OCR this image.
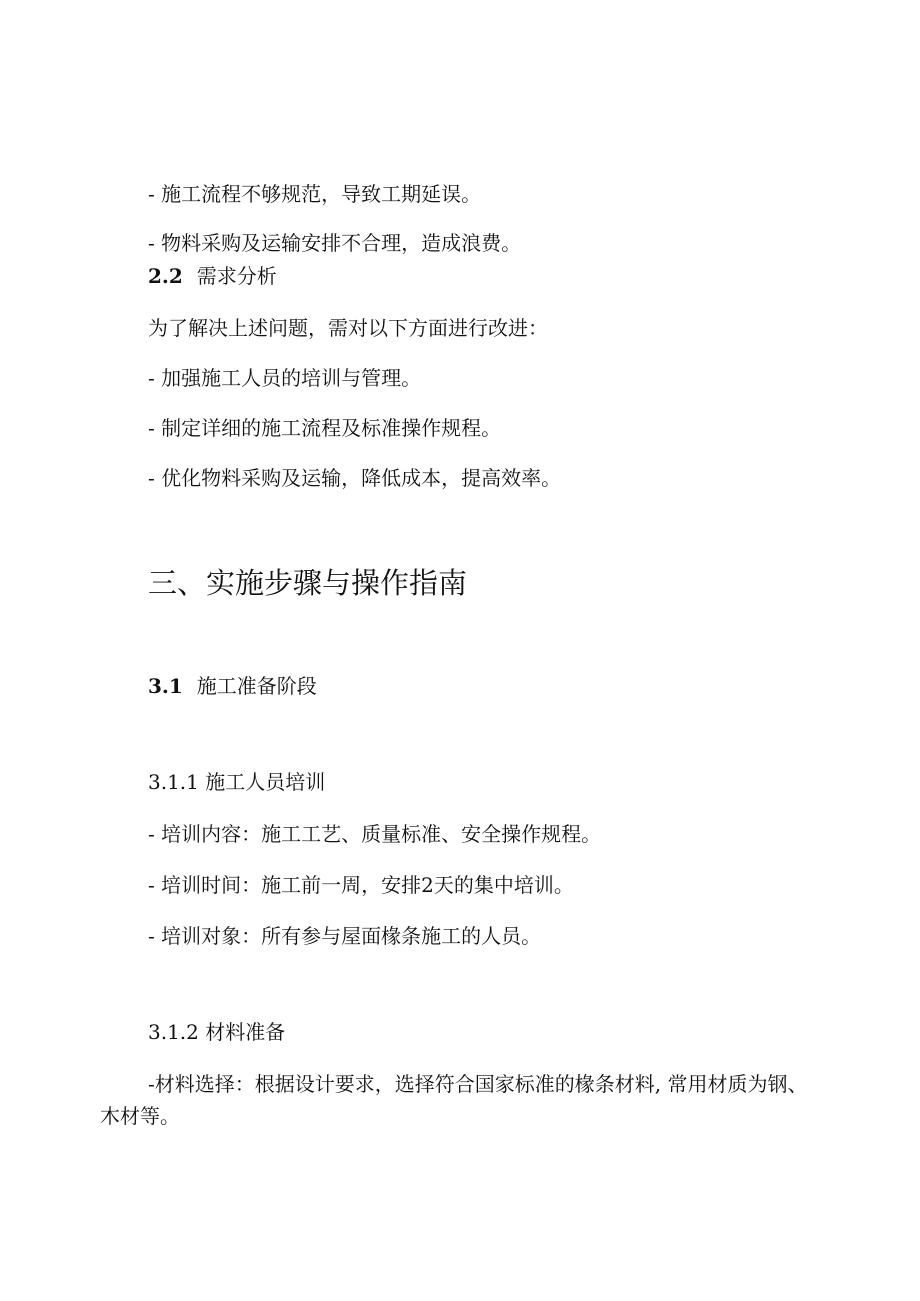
- 施工流程不够规范，导致工期延误。
- 物料采购及运输安排不合理，造成浪费。
2.2 需求分析
为了解决上述问题，需对以下方面进行改进：
- 加强施工人员的培训与管理。
- 制定详细的施工流程及标准操作规程。
- 优化物料采购及运输，降低成本，提高效率。
三、实施步骤与操作指南
3.1 施工准备阶段
3.1.1 施工人员培训
- 培训内容：施工工艺、质量标准、安全操作规程。
- 培训时间：施工前一周，安排2天的集中培训。
- 培训对象：所有参与屋面椽条施工的人员。
3.1.2 材料准备
-材料选择：根据设计要求，选择符合国家标准的椽条材料, 常用材质为钢、木材等。
